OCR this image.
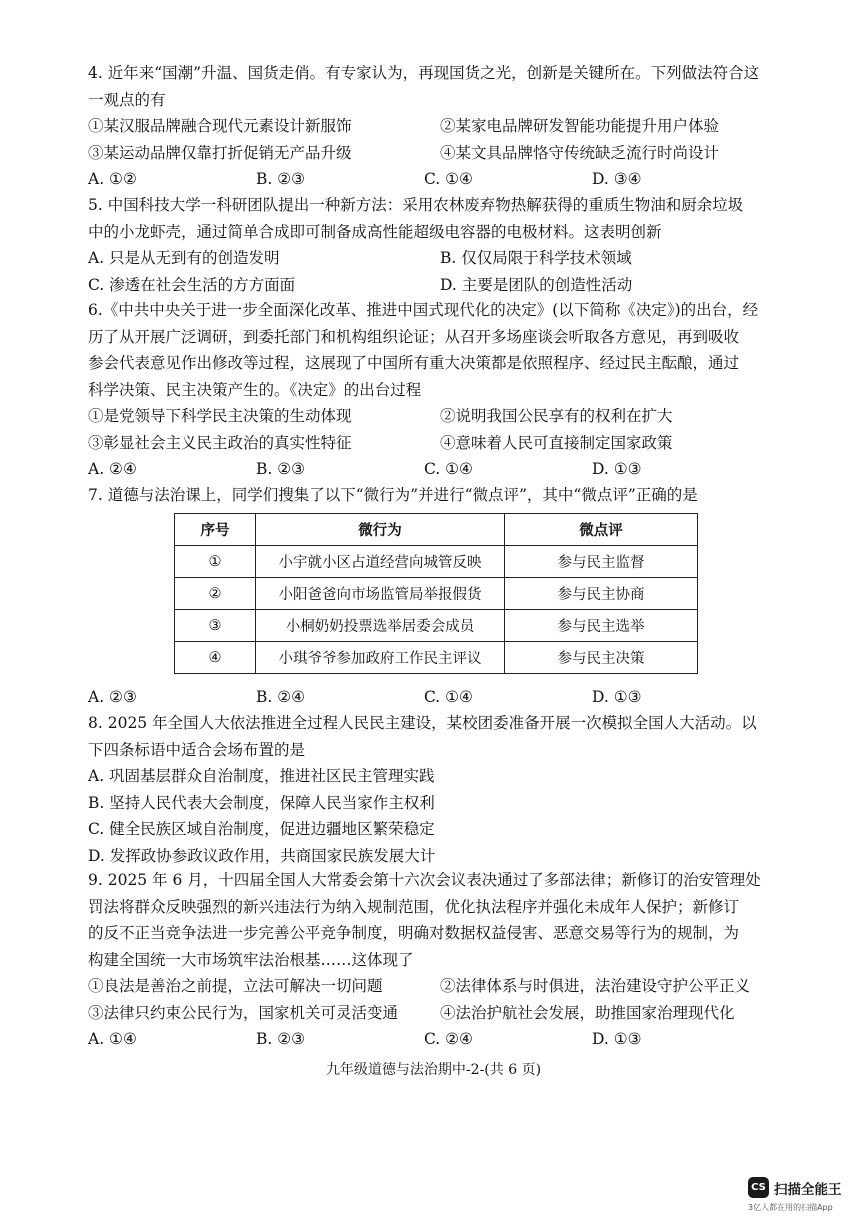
4. 近年来“国潮”升温、国货走俏。有专家认为，再现国货之光，创新是关键所在。下列做法符合这

一观点的有

①某汉服品牌融合现代元素设计新服饰	②某家电品牌研发智能功能提升用户体验
③某运动品牌仅靠打折促销无产品升级	④某文具品牌恪守传统缺乏流行时尚设计
A. ①②	B. ②③	C. ①④	D. ③④

5. 中国科技大学一科研团队提出一种新方法：采用农林废弃物热解获得的重质生物油和厨余垃圾

中的小龙虾壳，通过简单合成即可制备成高性能超级电容器的电极材料。这表明创新

A. 只是从无到有的创造发明	B. 仅仅局限于科学技术领域
C. 渗透在社会生活的方方面面	D. 主要是团队的创造性活动

6.《中共中央关于进一步全面深化改革、推进中国式现代化的决定》(以下简称《决定》)的出台，经

历了从开展广泛调研，到委托部门和机构组织论证；从召开多场座谈会听取各方意见，再到吸收

参会代表意见作出修改等过程，这展现了中国所有重大决策都是依照程序、经过民主酝酿，通过

科学决策、民主决策产生的。《决定》的出台过程

①是党领导下科学民主决策的生动体现	②说明我国公民享有的权利在扩大
③彰显社会主义民主政治的真实性特征	④意味着人民可直接制定国家政策
A. ②④	B. ②③	C. ①④	D. ①③

7. 道德与法治课上，同学们搜集了以下“微行为”并进行“微点评”，其中“微点评”正确的是

序号	微行为	微点评
①	小宇就小区占道经营向城管反映	参与民主监督
②	小阳爸爸向市场监管局举报假货	参与民主协商
③	小桐奶奶投票选举居委会成员	参与民主选举
④	小琪爷爷参加政府工作民主评议	参与民主决策
A. ②③	B. ②④	C. ①④	D. ①③

8. 2025 年全国人大依法推进全过程人民民主建设，某校团委准备开展一次模拟全国人大活动。以

下四条标语中适合会场布置的是

A. 巩固基层群众自治制度，推进社区民主管理实践

B. 坚持人民代表大会制度，保障人民当家作主权利

C. 健全民族区域自治制度，促进边疆地区繁荣稳定

D. 发挥政协参政议政作用，共商国家民族发展大计

9. 2025 年 6 月，十四届全国人大常委会第十六次会议表决通过了多部法律；新修订的治安管理处

罚法将群众反映强烈的新兴违法行为纳入规制范围，优化执法程序并强化未成年人保护；新修订

的反不正当竞争法进一步完善公平竞争制度，明确对数据权益侵害、恶意交易等行为的规制，为

构建全国统一大市场筑牢法治根基……这体现了

①良法是善治之前提，立法可解决一切问题	②法律体系与时俱进，法治建设守护公平正义
③法律只约束公民行为，国家机关可灵活变通	④法治护航社会发展，助推国家治理现代化
A. ①④	B. ②③	C. ②④	D. ①③
九年级道德与法治期中-2-(共 6 页)
CS 扫描全能王
3亿人都在用的扫描App
